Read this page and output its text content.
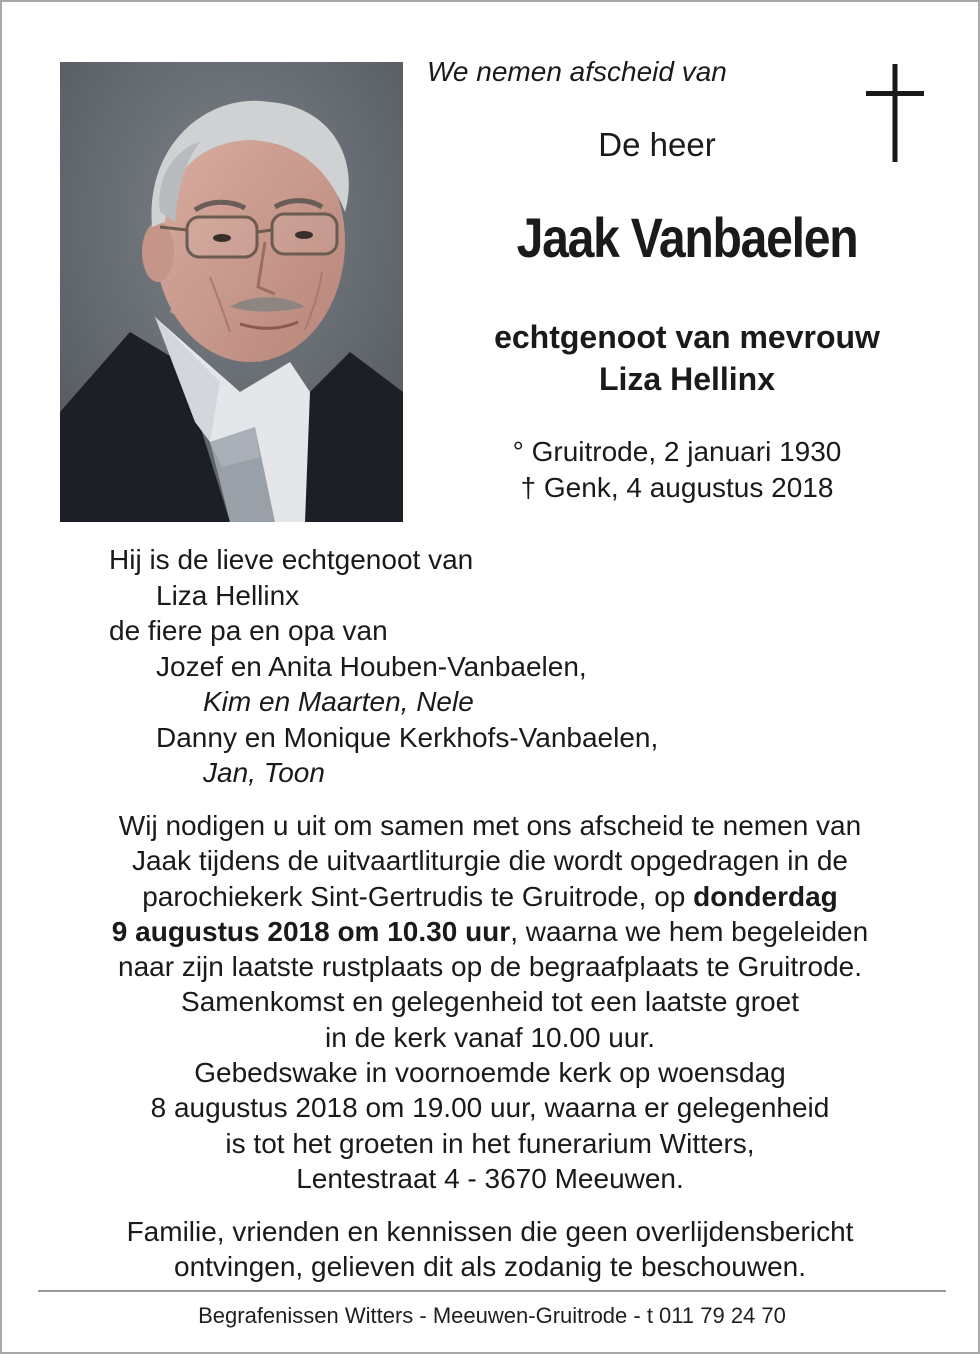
We nemen afscheid van
De heer
Jaak Vanbaelen
echtgenoot van mevrouw
Liza Hellinx
° Gruitrode, 2 januari 1930
† Genk, 4 augustus 2018
Hij is de lieve echtgenoot van
Liza Hellinx
de fiere pa en opa van
Jozef en Anita Houben-Vanbaelen,
Kim en Maarten, Nele
Danny en Monique Kerkhofs-Vanbaelen,
Jan, Toon
Wij nodigen u uit om samen met ons afscheid te nemen van
Jaak tijdens de uitvaartliturgie die wordt opgedragen in de
parochiekerk Sint-Gertrudis te Gruitrode, op donderdag
9 augustus 2018 om 10.30 uur, waarna we hem begeleiden
naar zijn laatste rustplaats op de begraafplaats te Gruitrode.
Samenkomst en gelegenheid tot een laatste groet
in de kerk vanaf 10.00 uur.
Gebedswake in voornoemde kerk op woensdag
8 augustus 2018 om 19.00 uur, waarna er gelegenheid
is tot het groeten in het funerarium Witters,
Lentestraat 4 - 3670 Meeuwen.
Familie, vrienden en kennissen die geen overlijdensbericht
ontvingen, gelieven dit als zodanig te beschouwen.
Begrafenissen Witters - Meeuwen-Gruitrode - t 011 79 24 70
